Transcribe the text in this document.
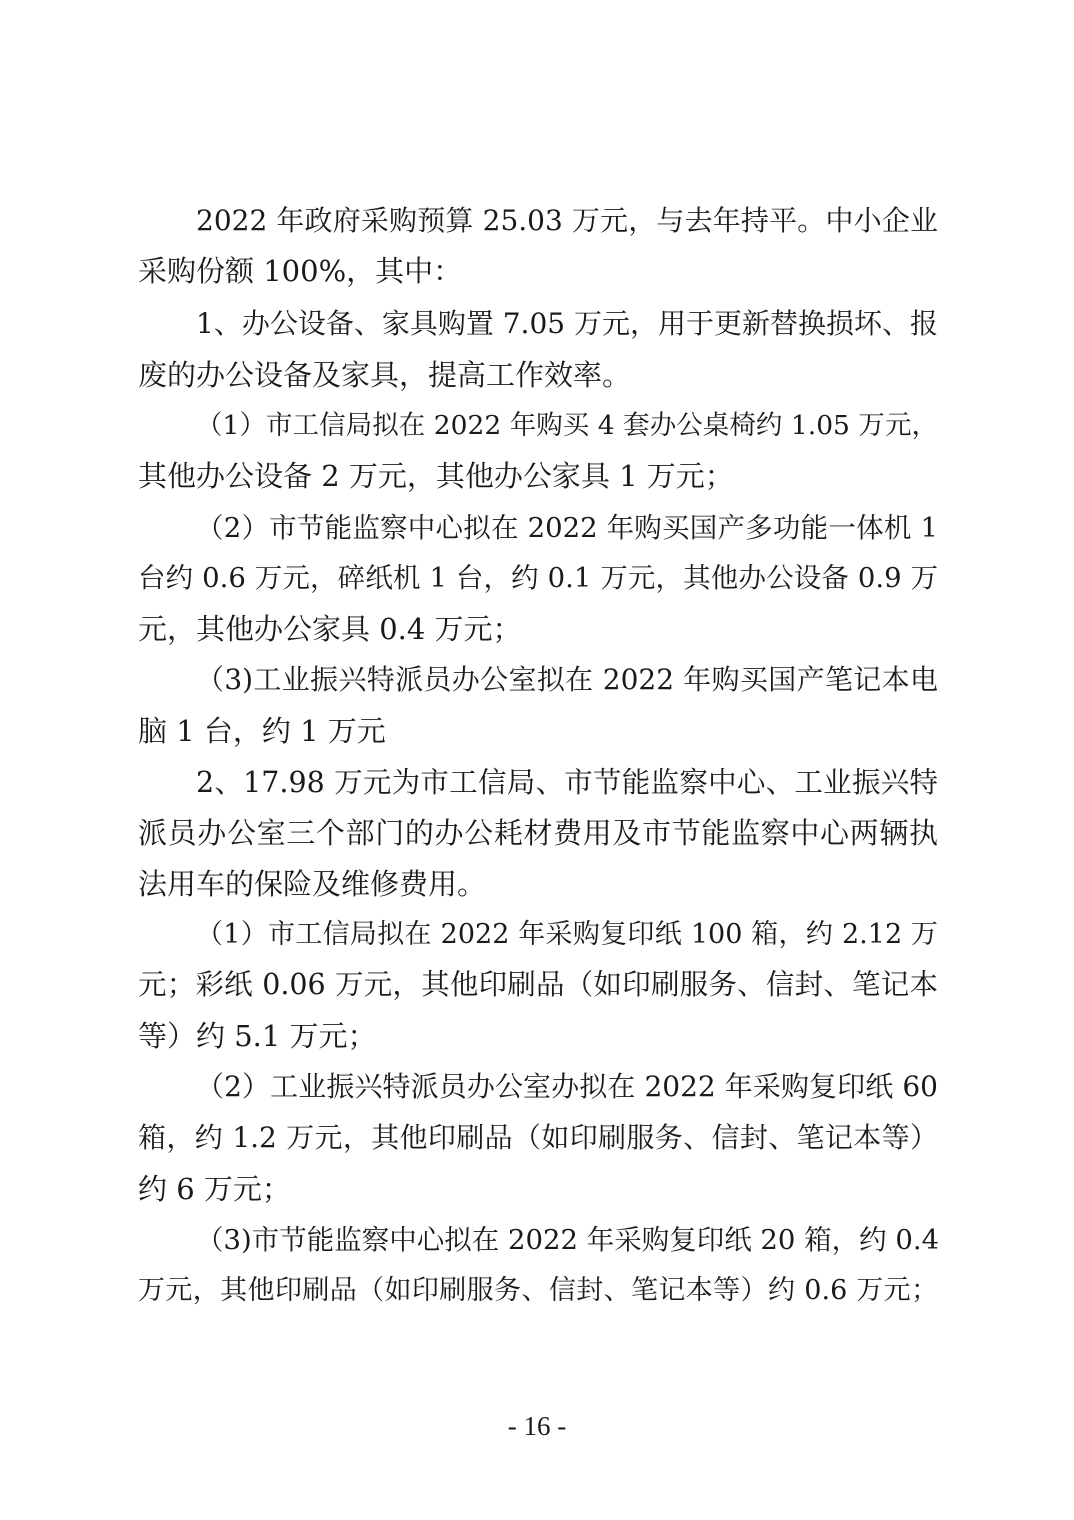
2022 年政府采购预算 25.03 万元，与去年持平。中小企业
采购份额 100%，其中：
1、办公设备、家具购置 7.05 万元，用于更新替换损坏、报
废的办公设备及家具，提高工作效率。
（1）市工信局拟在 2022 年购买 4 套办公桌椅约 1.05 万元，
其他办公设备 2 万元，其他办公家具 1 万元；
（2）市节能监察中心拟在 2022 年购买国产多功能一体机 1
台约 0.6 万元，碎纸机 1 台，约 0.1 万元，其他办公设备 0.9 万
元，其他办公家具 0.4 万元；
（3)工业振兴特派员办公室拟在 2022 年购买国产笔记本电
脑 1 台，约 1 万元
2、17.98 万元为市工信局、市节能监察中心、工业振兴特
派员办公室三个部门的办公耗材费用及市节能监察中心两辆执
法用车的保险及维修费用。
（1）市工信局拟在 2022 年采购复印纸 100 箱，约 2.12 万
元；彩纸 0.06 万元，其他印刷品（如印刷服务、信封、笔记本
等）约 5.1 万元；
（2）工业振兴特派员办公室办拟在 2022 年采购复印纸 60
箱，约 1.2 万元，其他印刷品（如印刷服务、信封、笔记本等）
约 6 万元；
（3)市节能监察中心拟在 2022 年采购复印纸 20 箱，约 0.4
万元，其他印刷品（如印刷服务、信封、笔记本等）约 0.6 万元；
- 16 -
